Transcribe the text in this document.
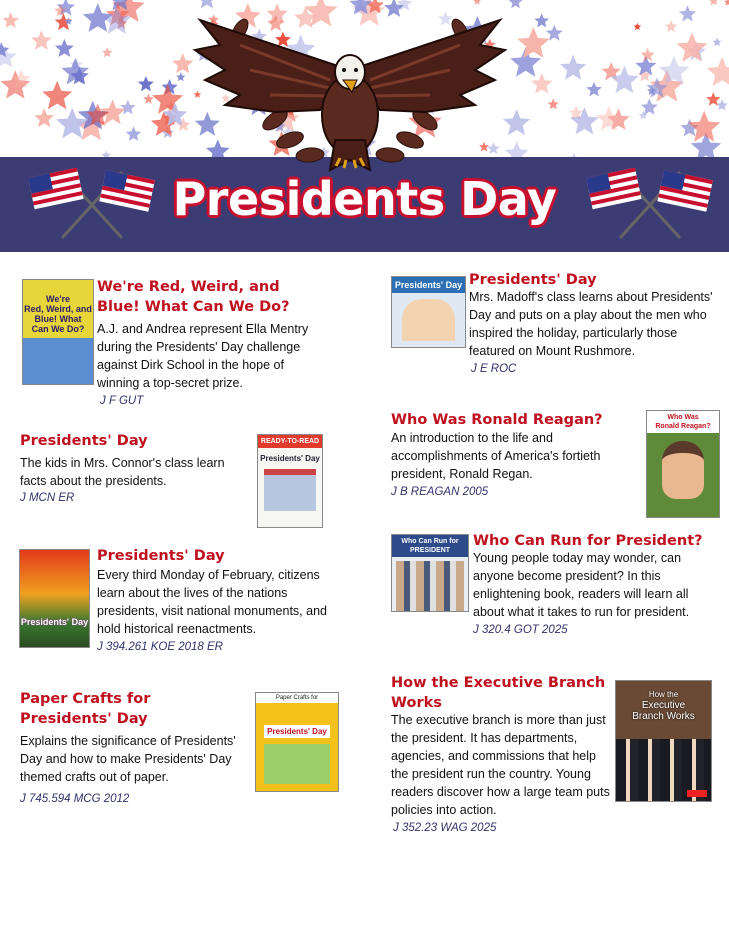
Presidents Day
We're
Red, Weird, and
Blue! What
Can We Do?
We're Red, Weird, and Blue! What Can We Do?
A.J. and Andrea represent Ella Mentry during the Presidents' Day challenge against Dirk School in the hope of winning a top-secret prize.
J F GUT
Presidents' Day
The kids in Mrs. Connor's class learn facts about the presidents.
J MCN ER
READY-TO-READ
Presidents' Day
Presidents' Day
Presidents' Day
Every third Monday of February, citizens learn about the lives of the nations presidents, visit national monuments, and hold historical reenactments.
J 394.261 KOE 2018 ER
Paper Crafts for Presidents' Day
Explains the significance of Presidents' Day and how to make Presidents' Day themed crafts out of paper.
J 745.594 MCG 2012
Paper Crafts for
Presidents' Day
Presidents' Day Presidents' Day
Mrs. Madoff's class learns about Presidents' Day and puts on a play about the men who inspired the holiday, particularly those featured on Mount Rushmore.
J E ROC
Who Was Ronald Reagan?
An introduction to the life and accomplishments of America's fortieth president, Ronald Regan.
J B REAGAN 2005
Who Was
Ronald Reagan?
Who Can Run for
PRESIDENT
Who Can Run for President?
Young people today may wonder, can anyone become president? In this enlightening book, readers will learn all about what it takes to run for president.
J 320.4 GOT 2025
How the Executive Branch Works
The executive branch is more than just the president. It has departments, agencies, and commissions that help the president run the country. Young readers discover how a large team puts policies into action.
J 352.23 WAG 2025
How the
Executive
Branch Works
